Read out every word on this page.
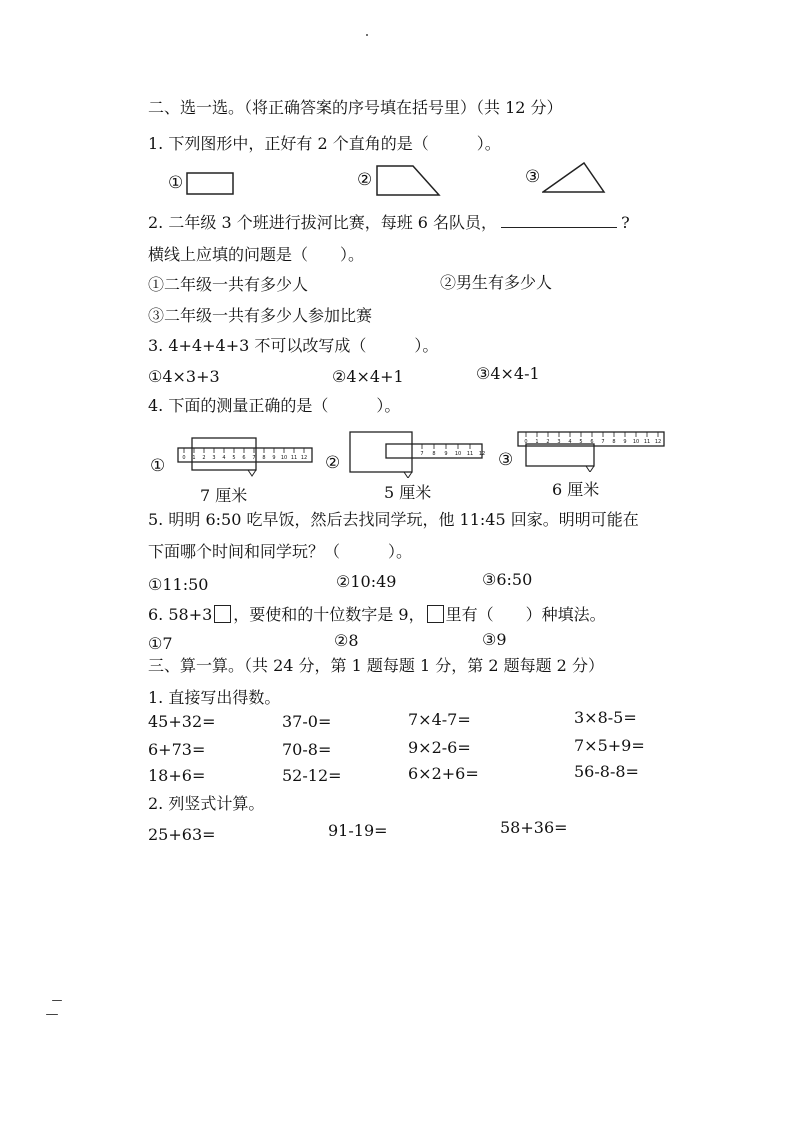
二、选一选。（将正确答案的序号填在括号里）（共 12 分）
1. 下列图形中，正好有 2 个直角的是（　　　）。
①	②	③
2. 二年级 3 个班进行拔河比赛，每班 6 名队员，	?
横线上应填的问题是（　　）。
①二年级一共有多少人	②男生有多少人
③二年级一共有多少人参加比赛
3. 4+4+4+3 不可以改写成（　　　）。
①4×3+3	②4×4+1	③4×4-1
4. 下面的测量正确的是（　　　）。
①	0 1 2 3 4 5 6 7 8 9 10 11 12
7 厘米
②	7 8 9 10 11 12
5 厘米
③
0 1 2 3 4 5 6 7 8 9 10 11 12
6 厘米
5. 明明 6:50 吃早饭，然后去找同学玩，他 11:45 回家。明明可能在
下面哪个时间和同学玩？（　　　）。
①11:50	②10:49	③6:50
6. 58+3 ，要使和的十位数字是 9， 里有（　　）种填法。
①7	②8	③9
三、算一算。（共 24 分，第 1 题每题 1 分，第 2 题每题 2 分）
1. 直接写出得数。
45+32=	37-0=	7×4-7=	3×8-5=
6+73=	70-8=	9×2-6=	7×5+9=
18+6=	52-12=	6×2+6=	56-8-8=
2. 列竖式计算。
25+63=	91-19=	58+36=
